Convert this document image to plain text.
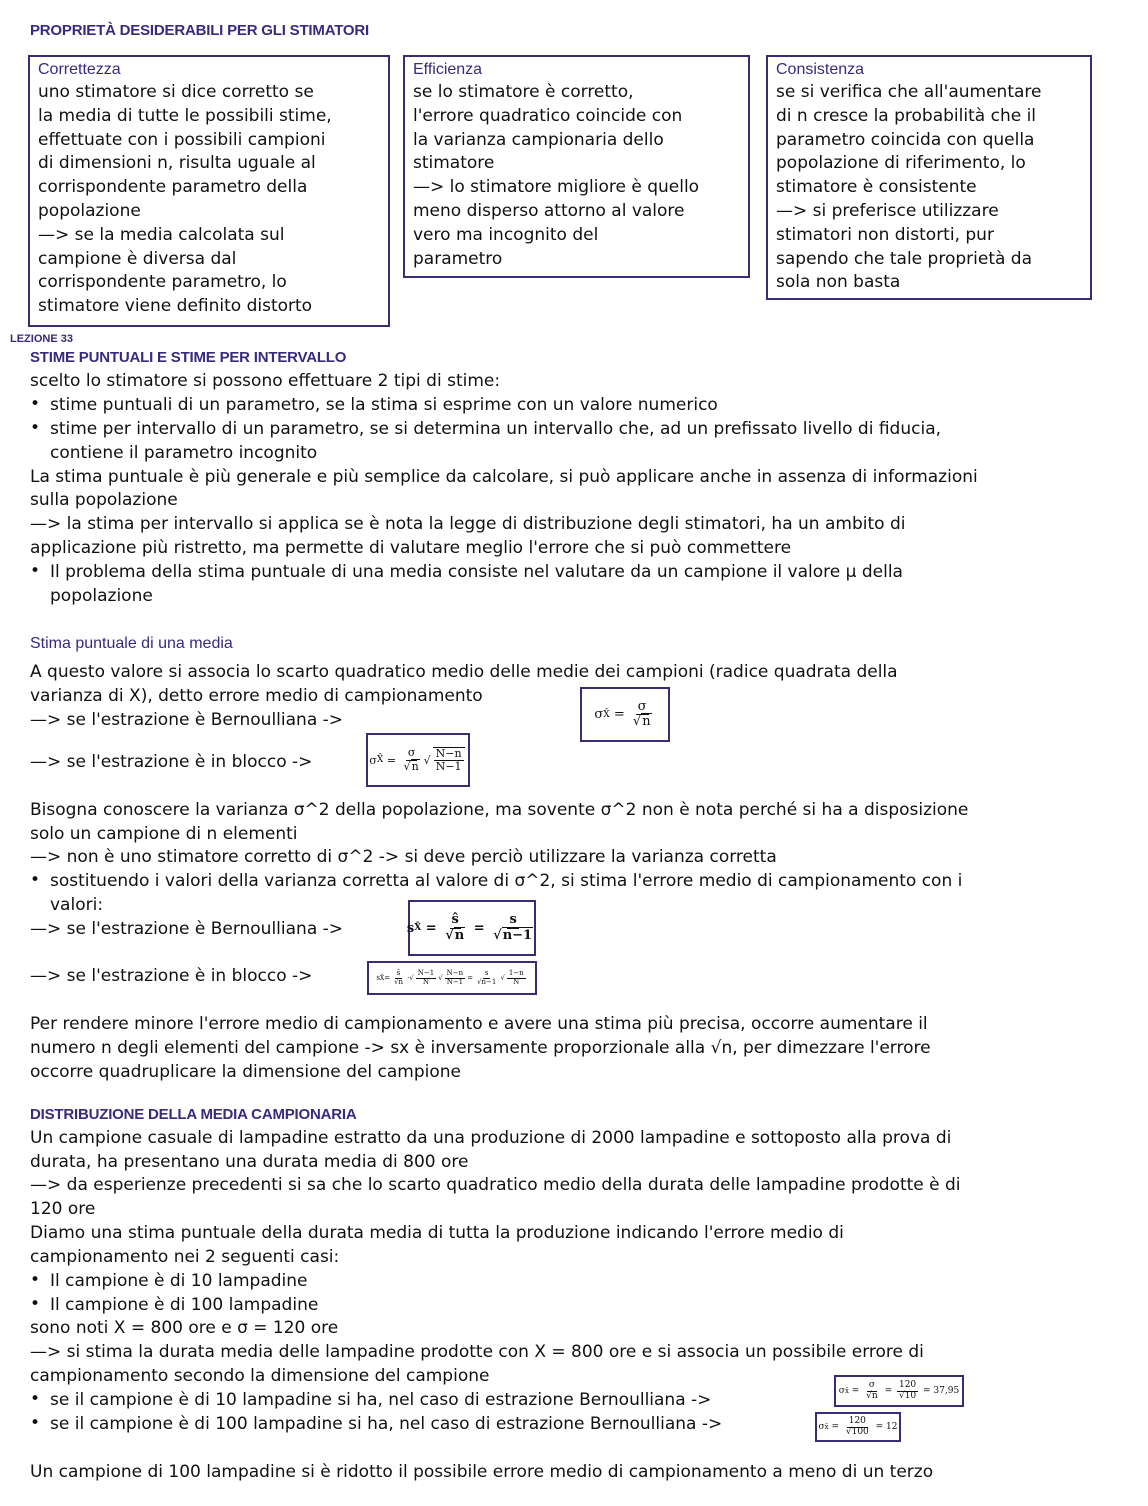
PROPRIETÀ DESIDERABILI PER GLI STIMATORI
Correttezza
uno stimatore si dice corretto se
la media di tutte le possibili stime,
effettuate con i possibili campioni
di dimensioni n, risulta uguale al
corrispondente parametro della
popolazione
—> se la media calcolata sul
campione è diversa dal
corrispondente parametro, lo
stimatore viene definito distorto
Efficienza
se lo stimatore è corretto,
l'errore quadratico coincide con
la varianza campionaria dello
stimatore
—> lo stimatore migliore è quello
meno disperso attorno al valore
vero ma incognito del
parametro
Consistenza
se si verifica che all'aumentare
di n cresce la probabilità che il
parametro coincida con quella
popolazione di riferimento, lo
stimatore è consistente
—> si preferisce utilizzare
stimatori non distorti, pur
sapendo che tale proprietà da
sola non basta
LEZIONE 33
STIME PUNTUALI E STIME PER INTERVALLO
scelto lo stimatore si possono effettuare 2 tipi di stime:
• stime puntuali di un parametro, se la stima si esprime con un valore numerico
• stime per intervallo di un parametro, se si determina un intervallo che, ad un prefissato livello di fiducia,
contiene il parametro incognito
La stima puntuale è più generale e più semplice da calcolare, si può applicare anche in assenza di informazioni
sulla popolazione
—> la stima per intervallo si applica se è nota la legge di distribuzione degli stimatori, ha un ambito di
applicazione più ristretto, ma permette di valutare meglio l'errore che si può commettere
• Il problema della stima puntuale di una media consiste nel valutare da un campione il valore μ della
popolazione
Stima puntuale di una media
A questo valore si associa lo scarto quadratico medio delle medie dei campioni (radice quadrata della
varianza di X), detto errore medio di campionamento
—> se l'estrazione è Bernoulliana ->	σ X̄ = $\frac{\sigma}{√n}$
—> se l'estrazione è in blocco ->	σ X̄ = $\frac{\sigma}{√n}$ √ $\frac{N-n}{N-1}$
Bisogna conoscere la varianza σ^2 della popolazione, ma sovente σ^2 non è nota perché si ha a disposizione
solo un campione di n elementi
—> non è uno stimatore corretto di σ^2 -> si deve perciò utilizzare la varianza corretta
• sostituendo i valori della varianza corretta al valore di σ^2, si stima l'errore medio di campionamento con i
valori:
—> se l'estrazione è Bernoulliana ->	s X̄ = $\frac{ŝ}{√n} = \frac{s}{√n-1}$
—> se l'estrazione è in blocco ->	s X̄ = $\frac{ŝ}{√n}$ ·√ $\frac{N-1}{N}$ √ $\frac{N-n}{N-1} = \frac{s}{√n-1}$ √ $\frac{1-n}{N}$
Per rendere minore l'errore medio di campionamento e avere una stima più precisa, occorre aumentare il
numero n degli elementi del campione -> sx è inversamente proporzionale alla √n, per dimezzare l'errore
occorre quadruplicare la dimensione del campione
DISTRIBUZIONE DELLA MEDIA CAMPIONARIA
Un campione casuale di lampadine estratto da una produzione di 2000 lampadine e sottoposto alla prova di
durata, ha presentano una durata media di 800 ore
—> da esperienze precedenti si sa che lo scarto quadratico medio della durata delle lampadine prodotte è di
120 ore
Diamo una stima puntuale della durata media di tutta la produzione indicando l'errore medio di
campionamento nei 2 seguenti casi:
• Il campione è di 10 lampadine
• Il campione è di 100 lampadine
sono noti X = 800 ore e σ = 120 ore
—> si stima la durata media delle lampadine prodotte con X = 800 ore e si associa un possibile errore di
campionamento secondo la dimensione del campione
• se il campione è di 10 lampadine si ha, nel caso di estrazione Bernoulliana ->	σ x̄ = $\frac{\sigma}{√n} = \frac{120}{√10}$
= 37,95
• se il campione è di 100 lampadine si ha, nel caso di estrazione Bernoulliana ->	σ x̄ = $\frac{120}{√100}$
= 12
Un campione di 100 lampadine si è ridotto il possibile errore medio di campionamento a meno di un terzo
